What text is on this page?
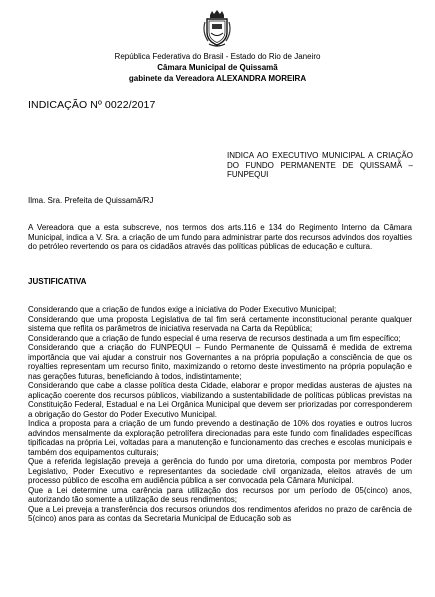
República Federativa do Brasil - Estado do Rio de Janeiro
Câmara Municipal de Quissamã
gabinete da Vereadora ALEXANDRA MOREIRA
INDICAÇÃO Nº 0022/2017
INDICA AO EXECUTIVO MUNICIPAL A CRIAÇÃO DO FUNDO PERMANENTE DE QUISSAMÃ – FUNPEQUI
Ilma. Sra. Prefeita de Quissamã/RJ
A Vereadora que a esta subscreve, nos termos dos arts.116 e 134 do Regimento Interno da Câmara Municipal, indica a V. Sra. a criação de um fundo para administrar parte dos recursos advindos dos royalties do petróleo revertendo os para os cidadãos através das políticas públicas de educação e cultura.
JUSTIFICATIVA

Considerando que a criação de fundos exige a iniciativa do Poder Executivo Municipal;

Considerando que uma proposta Legislativa de tal fim será certamente inconstitucional perante qualquer sistema que reflita os parâmetros de iniciativa reservada na Carta da República;

Considerando que a criação de fundo especial é uma reserva de recursos destinada a um fim específico;

Considerando que a criação do FUNPEQUI – Fundo Permanente de Quissamã é medida de extrema importância que vai ajudar a construir nos Governantes a na própria população a consciência de que os royalties representam um recurso finito, maximizando o retorno deste investimento na própria população e nas gerações futuras, beneficiando à todos, indistintamente;

Considerando que cabe a classe política desta Cidade, elaborar e propor medidas austeras de ajustes na aplicação coerente dos recursos públicos, viabilizando a sustentabilidade de políticas públicas previstas na Constituição Federal, Estadual e na Lei Orgânica Municipal que devem ser priorizadas por corresponderem a obrigação do Gestor do Poder Executivo Municipal.

Indica a proposta para a criação de um fundo prevendo a destinação de 10% dos royaties e outros lucros advindos mensalmente da exploração petrolífera direcionadas para este fundo com finalidades específicas tipificadas na própria Lei, voltadas para a manutenção e funcionamento das creches e escolas municipais e também dos equipamentos culturais;

Que a referida legislação preveja a gerência do fundo por uma diretoria, composta por membros Poder Legislativo, Poder Executivo e representantes da sociedade civil organizada, eleitos através de um processo público de escolha em audiência pública a ser convocada pela Câmara Municipal.

Que a Lei determine uma carência para utilização dos recursos por um período de 05(cinco) anos, autorizando tão somente a utilização de seus rendimentos;

Que a Lei preveja a transferência dos recursos oriundos dos rendimentos aferidos no prazo de carência de 5(cinco) anos para as contas da Secretaria Municipal de Educação sob as
